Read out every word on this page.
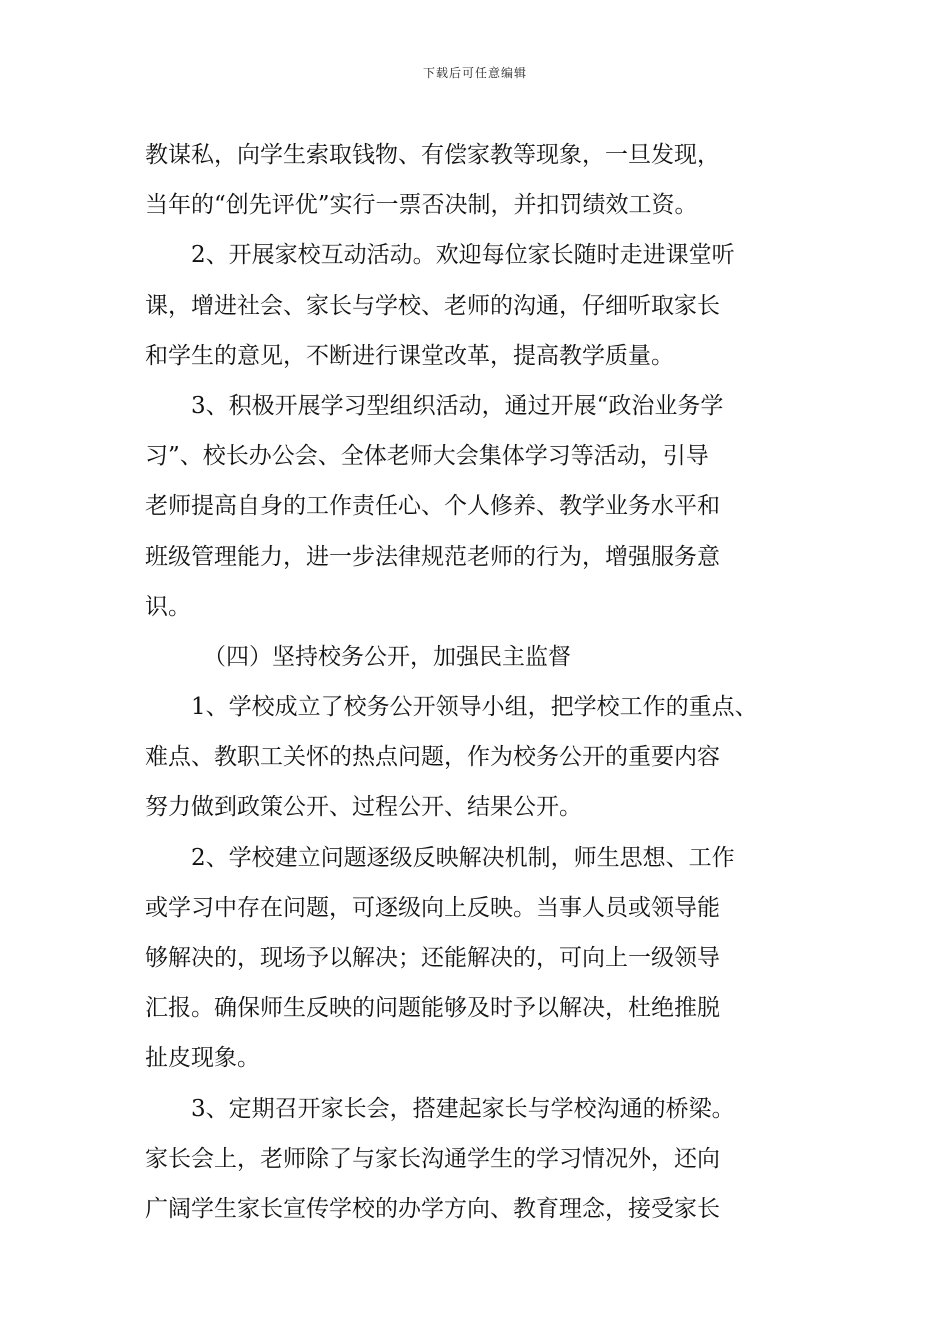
下载后可任意编辑
教谋私，向学生索取钱物、有偿家教等现象，一旦发现，
当年的“创先评优”实行一票否决制，并扣罚绩效工资。
2、开展家校互动活动。欢迎每位家长随时走进课堂听
课，增进社会、家长与学校、老师的沟通，仔细听取家长
和学生的意见，不断进行课堂改革，提高教学质量。
3、积极开展学习型组织活动，通过开展“政治业务学
习”、校长办公会、全体老师大会集体学习等活动，引导
老师提高自身的工作责任心、个人修养、教学业务水平和
班级管理能力，进一步法律规范老师的行为，增强服务意
识。
（四）坚持校务公开，加强民主监督
1、学校成立了校务公开领导小组，把学校工作的重点、
难点、教职工关怀的热点问题，作为校务公开的重要内容
努力做到政策公开、过程公开、结果公开。
2、学校建立问题逐级反映解决机制，师生思想、工作
或学习中存在问题，可逐级向上反映。当事人员或领导能
够解决的，现场予以解决；还能解决的，可向上一级领导
汇报。确保师生反映的问题能够及时予以解决，杜绝推脱
扯皮现象。
3、定期召开家长会，搭建起家长与学校沟通的桥梁。
家长会上，老师除了与家长沟通学生的学习情况外，还向
广阔学生家长宣传学校的办学方向、教育理念，接受家长
